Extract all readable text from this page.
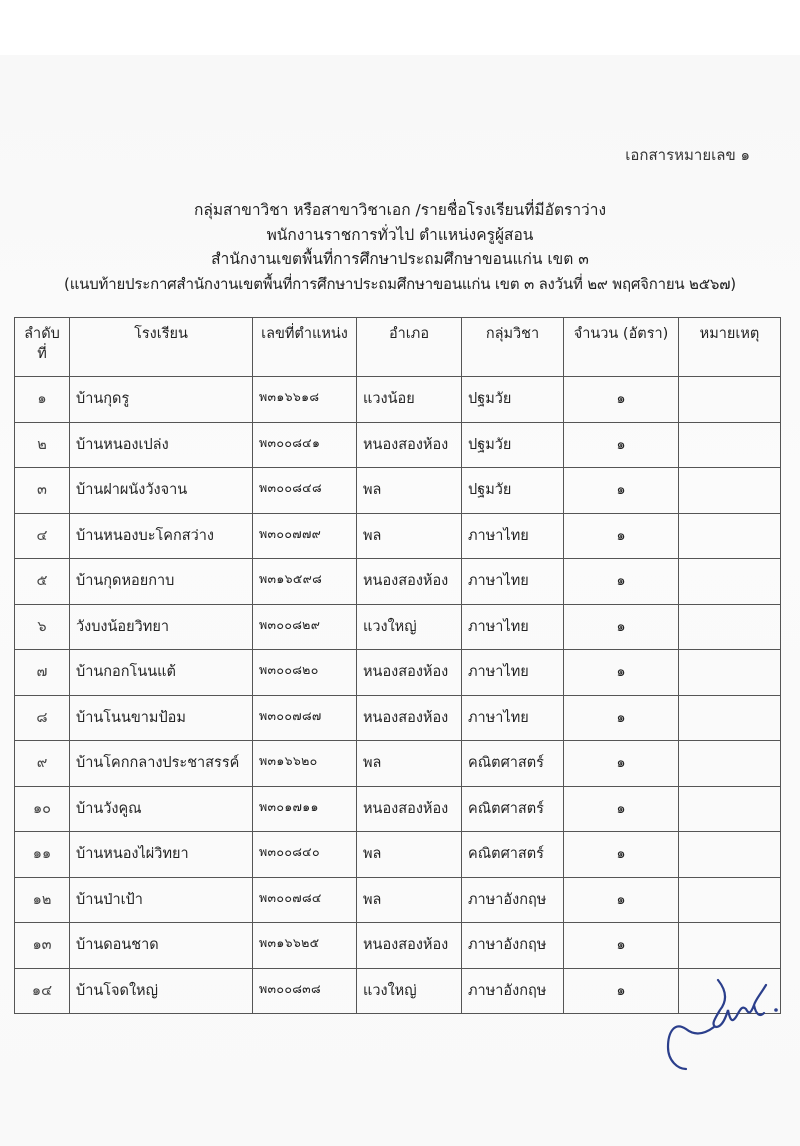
เอกสารหมายเลข ๑
กลุ่มสาขาวิชา หรือสาขาวิชาเอก /รายชื่อโรงเรียนที่มีอัตราว่าง
พนักงานราชการทั่วไป ตำแหน่งครูผู้สอน
สำนักงานเขตพื้นที่การศึกษาประถมศึกษาขอนแก่น เขต ๓
(แนบท้ายประกาศสำนักงานเขตพื้นที่การศึกษาประถมศึกษาขอนแก่น เขต ๓ ลงวันที่ ๒๙ พฤศจิกายน ๒๕๖๗)
ลำดับ ที่	โรงเรียน	เลขที่ตำแหน่ง	อำเภอ	กลุ่มวิชา	จำนวน (อัตรา)	หมายเหตุ
๑	บ้านกุดรู	พ๓๑๖๖๑๘	แวงน้อย	ปฐมวัย	๑	
๒	บ้านหนองเปล่ง	พ๓๐๐๘๔๑	หนองสองห้อง	ปฐมวัย	๑	
๓	บ้านฝาผนังวังจาน	พ๓๐๐๘๔๘	พล	ปฐมวัย	๑	
๔	บ้านหนองบะโคกสว่าง	พ๓๐๐๗๗๙	พล	ภาษาไทย	๑	
๕	บ้านกุดหอยกาบ	พ๓๑๖๕๙๘	หนองสองห้อง	ภาษาไทย	๑	
๖	วังบงน้อยวิทยา	พ๓๐๐๘๒๙	แวงใหญ่	ภาษาไทย	๑	
๗	บ้านกอกโนนแต้	พ๓๐๐๘๒๐	หนองสองห้อง	ภาษาไทย	๑	
๘	บ้านโนนขามป้อม	พ๓๐๐๗๘๗	หนองสองห้อง	ภาษาไทย	๑	
๙	บ้านโคกกลางประชาสรรค์	พ๓๑๖๖๒๐	พล	คณิตศาสตร์	๑	
๑๐	บ้านวังคูณ	พ๓๐๑๗๑๑	หนองสองห้อง	คณิตศาสตร์	๑	
๑๑	บ้านหนองไผ่วิทยา	พ๓๐๐๘๔๐	พล	คณิตศาสตร์	๑	
๑๒	บ้านป่าเป้า	พ๓๐๐๗๘๔	พล	ภาษาอังกฤษ	๑	
๑๓	บ้านดอนชาด	พ๓๑๖๖๒๕	หนองสองห้อง	ภาษาอังกฤษ	๑	
๑๔	บ้านโจดใหญ่	พ๓๐๐๘๓๘	แวงใหญ่	ภาษาอังกฤษ	๑	
